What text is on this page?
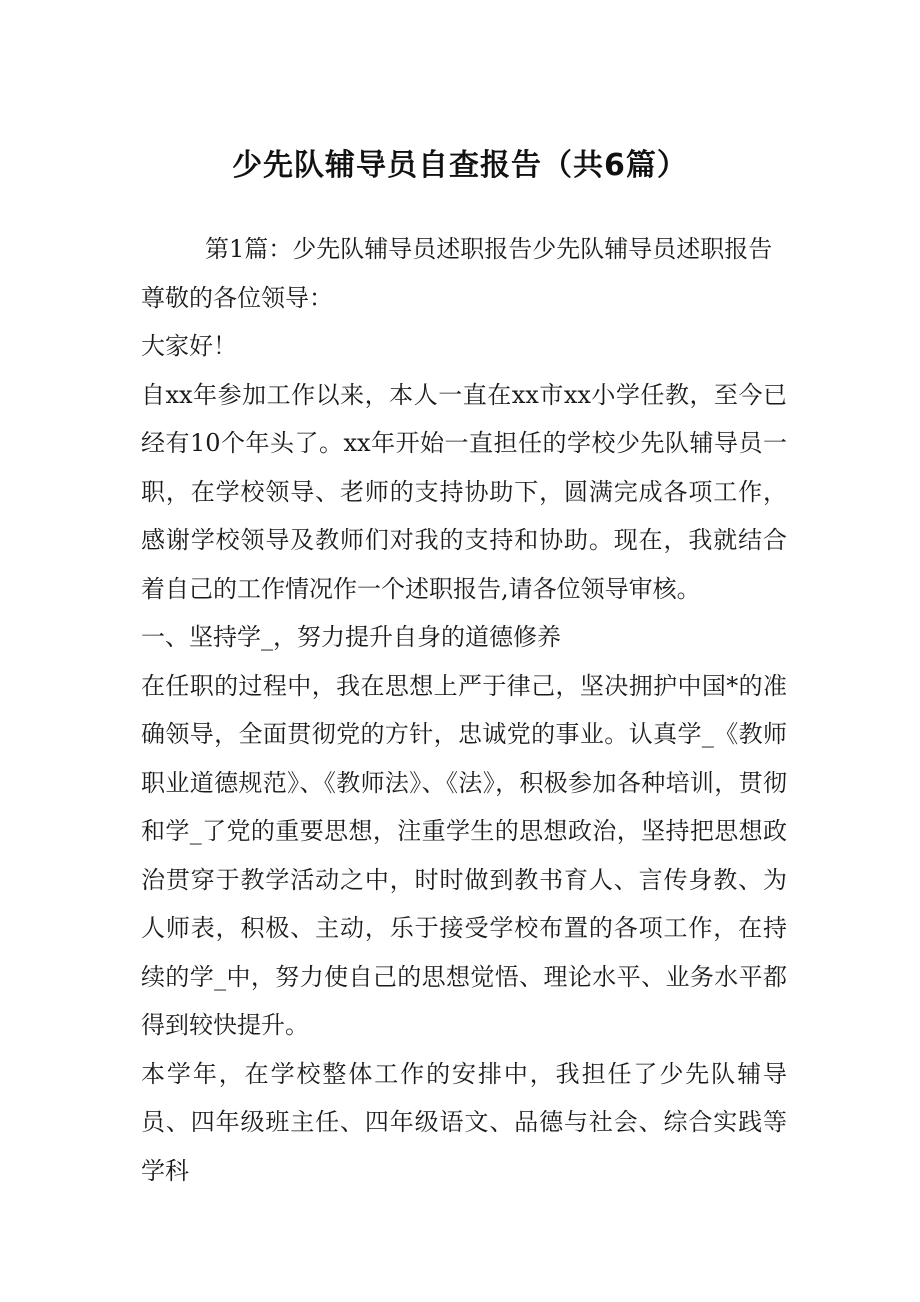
少先队辅导员自查报告（共6篇）

第1篇：少先队辅导员述职报告少先队辅导员述职报告

尊敬的各位领导：

大家好！

自xx年参加工作以来，本人一直在xx市xx小学任教，至今已经有10个年头了。xx年开始一直担任的学校少先队辅导员一职，在学校领导、老师的支持协助下，圆满完成各项工作，感谢学校领导及教师们对我的支持和协助。现在，我就结合着自己的工作情况作一个述职报告,请各位领导审核。

一、坚持学_，努力提升自身的道德修养

在任职的过程中，我在思想上严于律己，坚决拥护中国*的准确领导，全面贯彻党的方针，忠诚党的事业。认真学_《教师职业道德规范》、《教师法》、《法》，积极参加各种培训，贯彻和学_了党的重要思想，注重学生的思想政治，坚持把思想政治贯穿于教学活动之中，时时做到教书育人、言传身教、为人师表，积极、主动，乐于接受学校布置的各项工作，在持续的学_中，努力使自己的思想觉悟、理论水平、业务水平都得到较快提升。

本学年，在学校整体工作的安排中，我担任了少先队辅导员、四年级班主任、四年级语文、品德与社会、综合实践等学科
